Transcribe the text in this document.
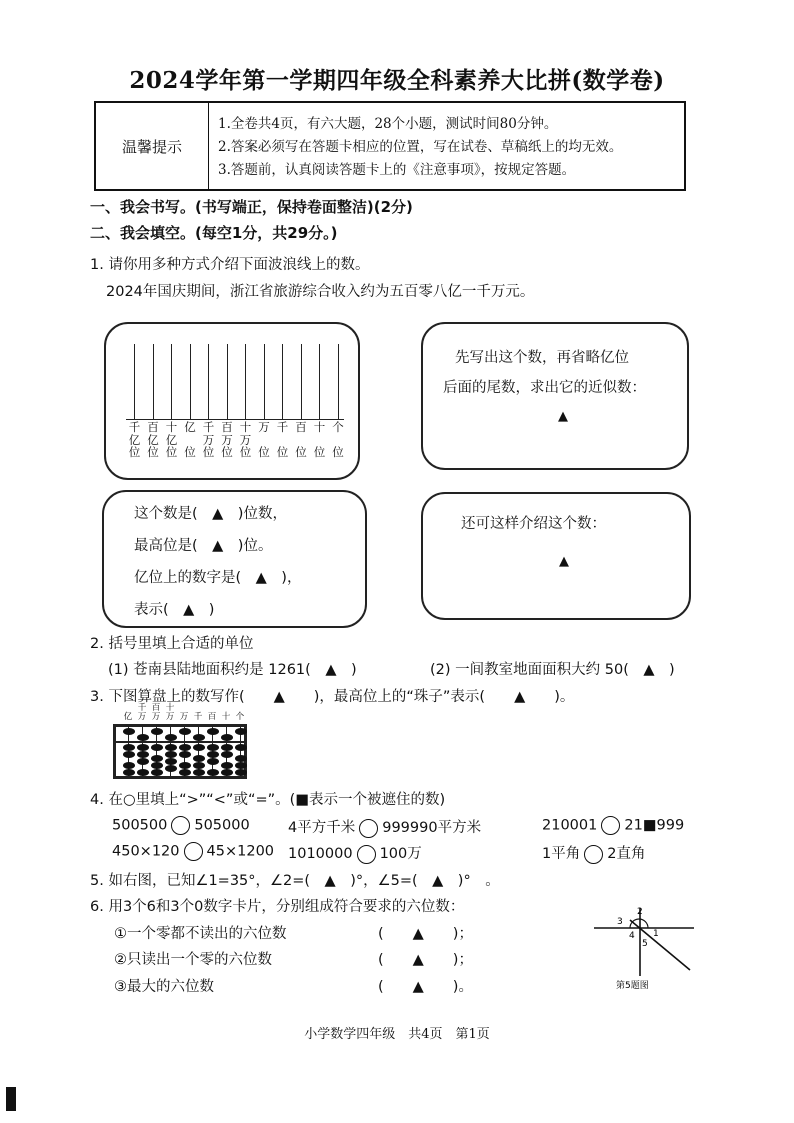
2024学年第一学期四年级全科素养大比拼(数学卷)
温馨提示
1.全卷共4页，有六大题，28个小题，测试时间80分钟。
2.答案必须写在答题卡相应的位置，写在试卷、草稿纸上的均无效。
3.答题前，认真阅读答题卡上的《注意事项》，按规定答题。
一、我会书写。(书写端正，保持卷面整洁)(2分)
二、我会填空。(每空1分，共29分。)
1. 请你用多种方式介绍下面波浪线上的数。
2024年国庆期间，浙江省旅游综合收入约为五百零八亿一千万元。
千
亿
位
百
亿
位
十
亿
位
亿

位
千
万
位
百
万
位
十
万
位
万

位
千

位
百

位
十

位
个

位
先写出这个数，再省略亿位
后面的尾数，求出它的近似数：
▲
这个数是(　▲　)位数，
最高位是(　▲　)位。
亿位上的数字是(　▲　)，
表示(　▲　)
还可这样介绍这个数：
▲
2. 括号里填上合适的单位
(1) 苍南县陆地面积约是 1261(　▲　)	(2) 一间教室地面面积大约 50(　▲　)
3. 下图算盘上的数写作(　　▲　　)，最高位上的“珠子”表示(　　▲　　)。
亿
千
万
百
万
十
万 万 千 百 十 个
4. 在○里填上“>”“<”或“=”。(■表示一个被遮住的数)
500500 505000	4平方千米 999990平方米	210001 21■999
450×120 45×1200 1010000 100万	1平角 2直角
5. 如右图，已知∠1=35°，∠2=(　▲　)°，∠5=(　▲　)°　。
6. 用3个6和3个0数字卡片，分别组成符合要求的六位数：
①一个零都不读出的六位数	(　　▲　　)；
②只读出一个零的六位数	(　　▲　　)；
③最大的六位数	(　　▲　　)。
3
2
1
4
5
第5题图
小学数学四年级　共4页　第1页
